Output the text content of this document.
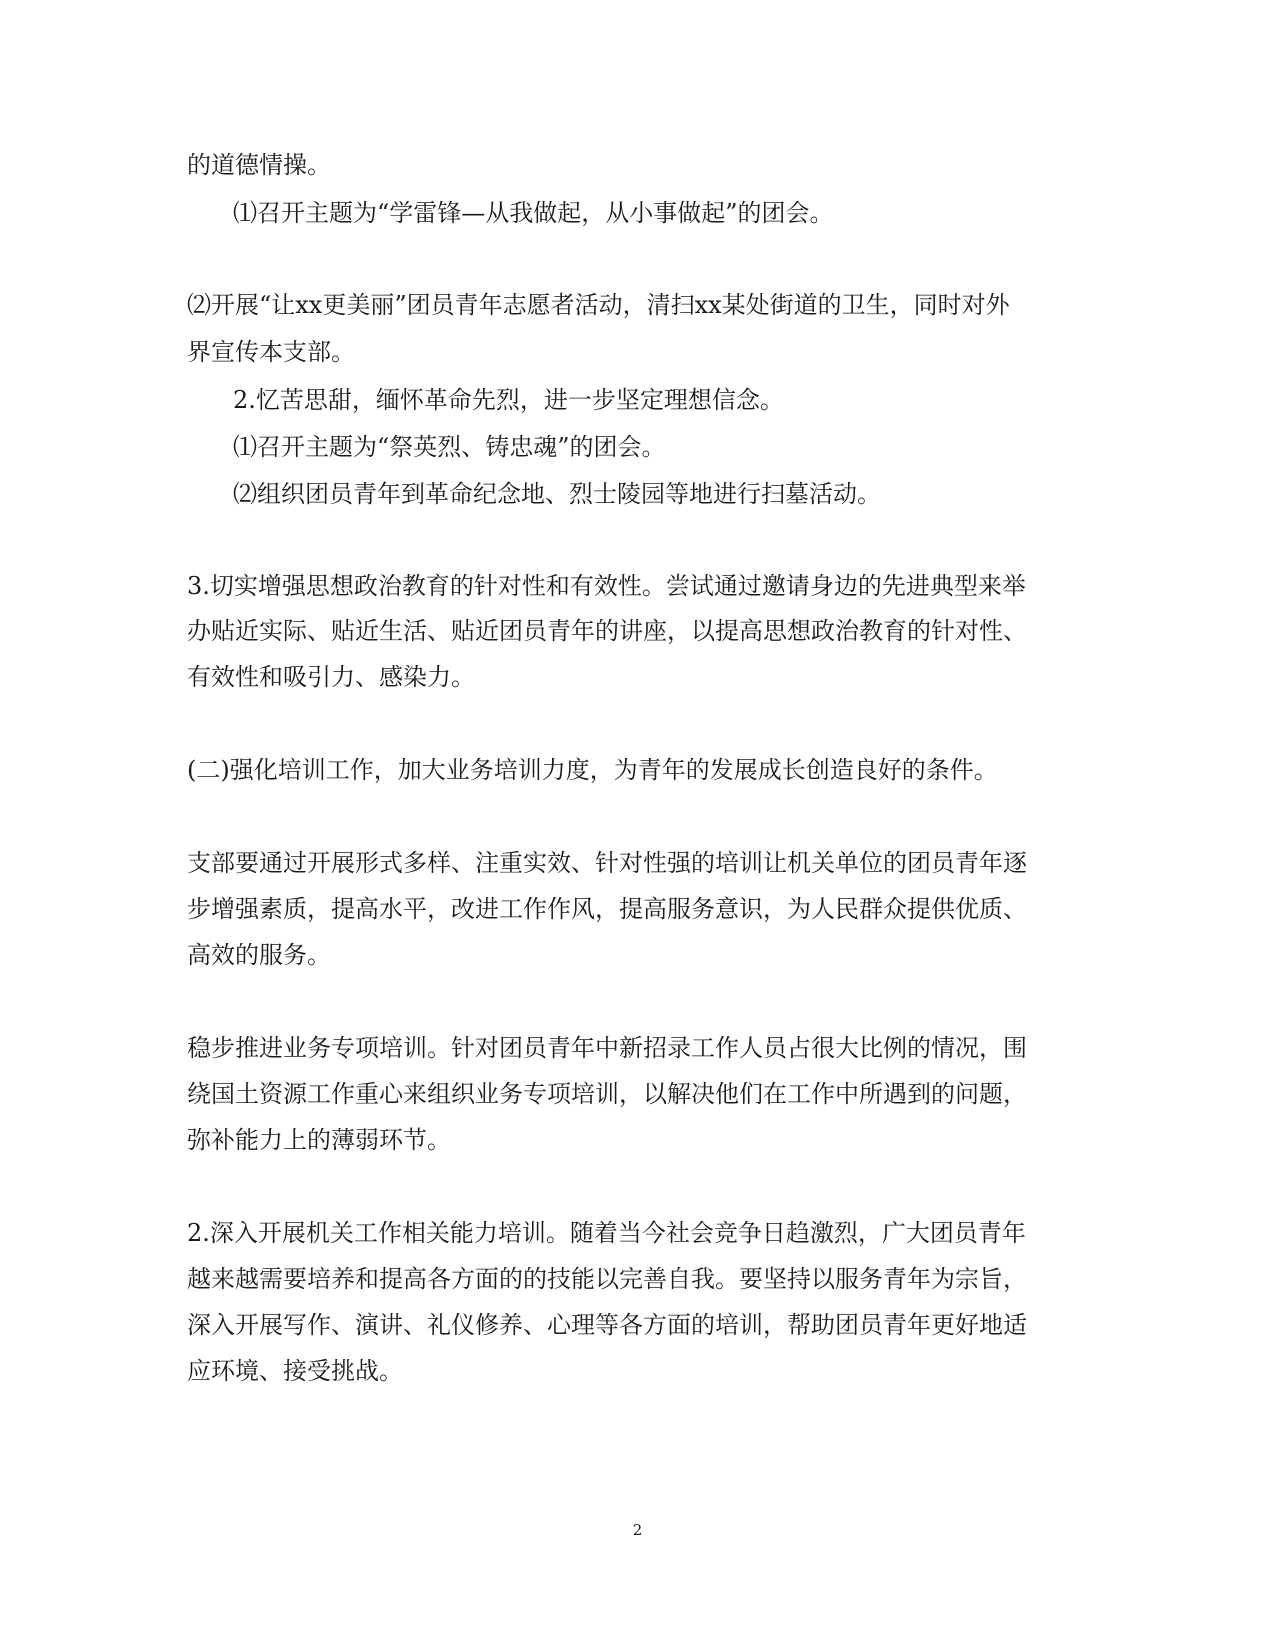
的道德情操。
⑴召开主题为“学雷锋—从我做起，从小事做起”的团会。
⑵开展“让xx更美丽”团员青年志愿者活动，清扫xx某处街道的卫生，同时对外
界宣传本支部。
2.忆苦思甜，缅怀革命先烈，进一步坚定理想信念。
⑴召开主题为“祭英烈、铸忠魂”的团会。
⑵组织团员青年到革命纪念地、烈士陵园等地进行扫墓活动。
3.切实增强思想政治教育的针对性和有效性。尝试通过邀请身边的先进典型来举
办贴近实际、贴近生活、贴近团员青年的讲座，以提高思想政治教育的针对性、
有效性和吸引力、感染力。
(二)强化培训工作，加大业务培训力度，为青年的发展成长创造良好的条件。
支部要通过开展形式多样、注重实效、针对性强的培训让机关单位的团员青年逐
步增强素质，提高水平，改进工作作风，提高服务意识，为人民群众提供优质、
高效的服务。
稳步推进业务专项培训。针对团员青年中新招录工作人员占很大比例的情况，围
绕国土资源工作重心来组织业务专项培训，以解决他们在工作中所遇到的问题，
弥补能力上的薄弱环节。
2.深入开展机关工作相关能力培训。随着当今社会竞争日趋激烈，广大团员青年
越来越需要培养和提高各方面的的技能以完善自我。要坚持以服务青年为宗旨，
深入开展写作、演讲、礼仪修养、心理等各方面的培训，帮助团员青年更好地适
应环境、接受挑战。
2
